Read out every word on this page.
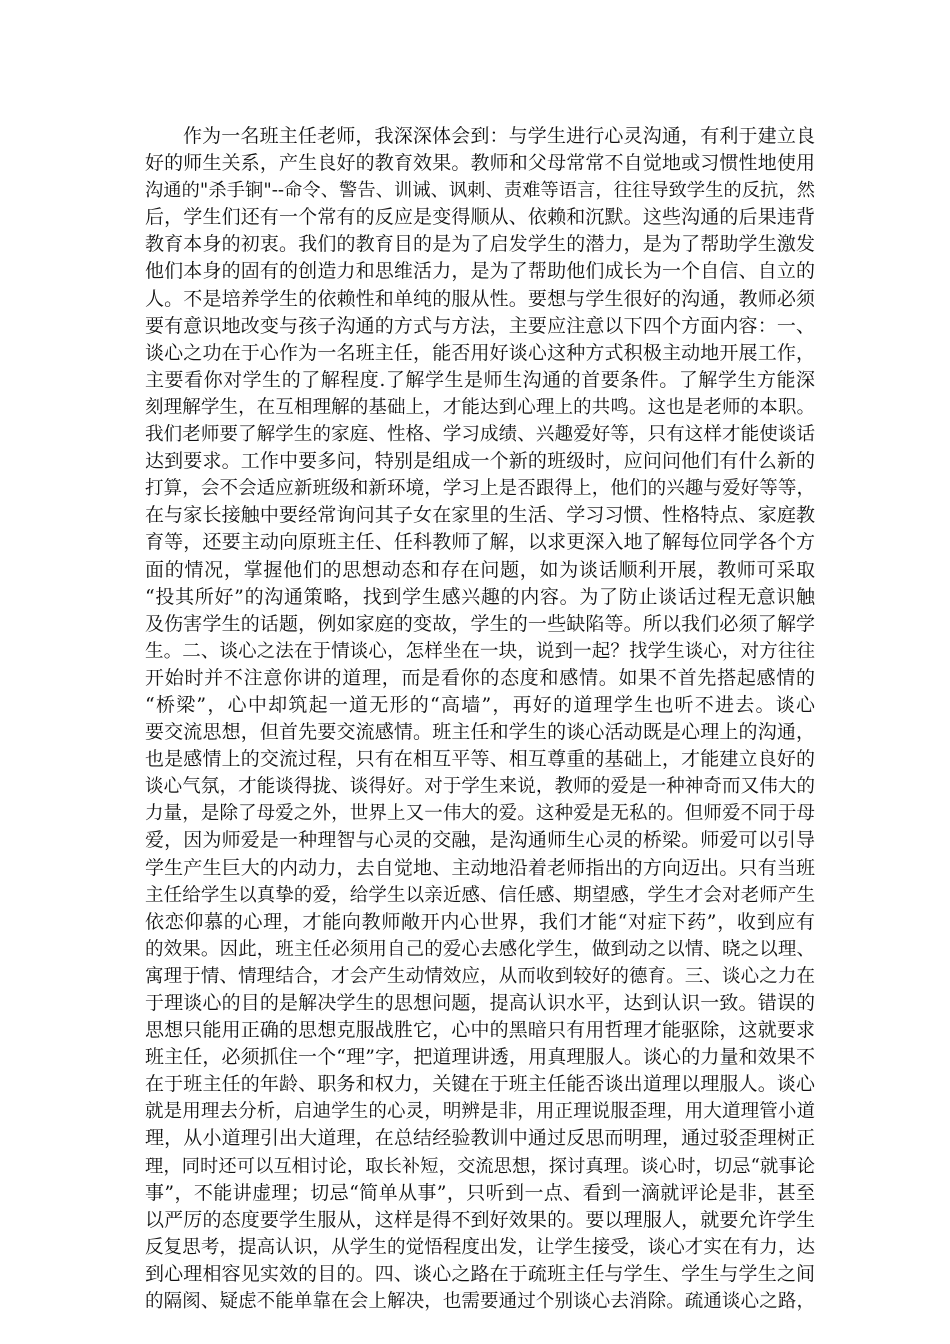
作为一名班主任老师，我深深体会到：与学生进行心灵沟通，有利于建立良
好的师生关系，产生良好的教育效果。教师和父母常常不自觉地或习惯性地使用
沟通的"杀手锏"--命令、警告、训诫、讽刺、责难等语言，往往导致学生的反抗，然
后，学生们还有一个常有的反应是变得顺从、依赖和沉默。这些沟通的后果违背
教育本身的初衷。我们的教育目的是为了启发学生的潜力，是为了帮助学生激发
他们本身的固有的创造力和思维活力，是为了帮助他们成长为一个自信、自立的
人。不是培养学生的依赖性和单纯的服从性。要想与学生很好的沟通，教师必须
要有意识地改变与孩子沟通的方式与方法，主要应注意以下四个方面内容：一、
谈心之功在于心作为一名班主任，能否用好谈心这种方式积极主动地开展工作，
主要看你对学生的了解程度.了解学生是师生沟通的首要条件。了解学生方能深
刻理解学生，在互相理解的基础上，才能达到心理上的共鸣。这也是老师的本职。
我们老师要了解学生的家庭、性格、学习成绩、兴趣爱好等，只有这样才能使谈话
达到要求。工作中要多问，特别是组成一个新的班级时，应问问他们有什么新的
打算，会不会适应新班级和新环境，学习上是否跟得上，他们的兴趣与爱好等等，
在与家长接触中要经常询问其子女在家里的生活、学习习惯、性格特点、家庭教
育等，还要主动向原班主任、任科教师了解，以求更深入地了解每位同学各个方
面的情况，掌握他们的思想动态和存在问题，如为谈话顺利开展，教师可采取
“投其所好”的沟通策略，找到学生感兴趣的内容。为了防止谈话过程无意识触
及伤害学生的话题，例如家庭的变故，学生的一些缺陷等。所以我们必须了解学
生。二、谈心之法在于情谈心，怎样坐在一块，说到一起？找学生谈心，对方往往
开始时并不注意你讲的道理，而是看你的态度和感情。如果不首先搭起感情的
“桥梁”，心中却筑起一道无形的“高墙”，再好的道理学生也听不进去。谈心
要交流思想，但首先要交流感情。班主任和学生的谈心活动既是心理上的沟通，
也是感情上的交流过程，只有在相互平等、相互尊重的基础上，才能建立良好的
谈心气氛，才能谈得拢、谈得好。对于学生来说，教师的爱是一种神奇而又伟大的
力量，是除了母爱之外，世界上又一伟大的爱。这种爱是无私的。但师爱不同于母
爱，因为师爱是一种理智与心灵的交融，是沟通师生心灵的桥梁。师爱可以引导
学生产生巨大的内动力，去自觉地、主动地沿着老师指出的方向迈出。只有当班
主任给学生以真挚的爱，给学生以亲近感、信任感、期望感，学生才会对老师产生
依恋仰慕的心理，才能向教师敞开内心世界，我们才能“对症下药”，收到应有
的效果。因此，班主任必须用自己的爱心去感化学生，做到动之以情、晓之以理、
寓理于情、情理结合，才会产生动情效应，从而收到较好的德育。三、谈心之力在
于理谈心的目的是解决学生的思想问题，提高认识水平，达到认识一致。错误的
思想只能用正确的思想克服战胜它，心中的黑暗只有用哲理才能驱除，这就要求
班主任，必须抓住一个“理”字，把道理讲透，用真理服人。谈心的力量和效果不
在于班主任的年龄、职务和权力，关键在于班主任能否谈出道理以理服人。谈心
就是用理去分析，启迪学生的心灵，明辨是非，用正理说服歪理，用大道理管小道
理，从小道理引出大道理，在总结经验教训中通过反思而明理，通过驳歪理树正
理，同时还可以互相讨论，取长补短，交流思想，探讨真理。谈心时，切忌“就事论
事”，不能讲虚理；切忌“简单从事”，只听到一点、看到一滴就评论是非，甚至
以严厉的态度要学生服从，这样是得不到好效果的。要以理服人，就要允许学生
反复思考，提高认识，从学生的觉悟程度出发，让学生接受，谈心才实在有力，达
到心理相容见实效的目的。四、谈心之路在于疏班主任与学生、学生与学生之间
的隔阂、疑虑不能单靠在会上解决，也需要通过个别谈心去消除。疏通谈心之路，
